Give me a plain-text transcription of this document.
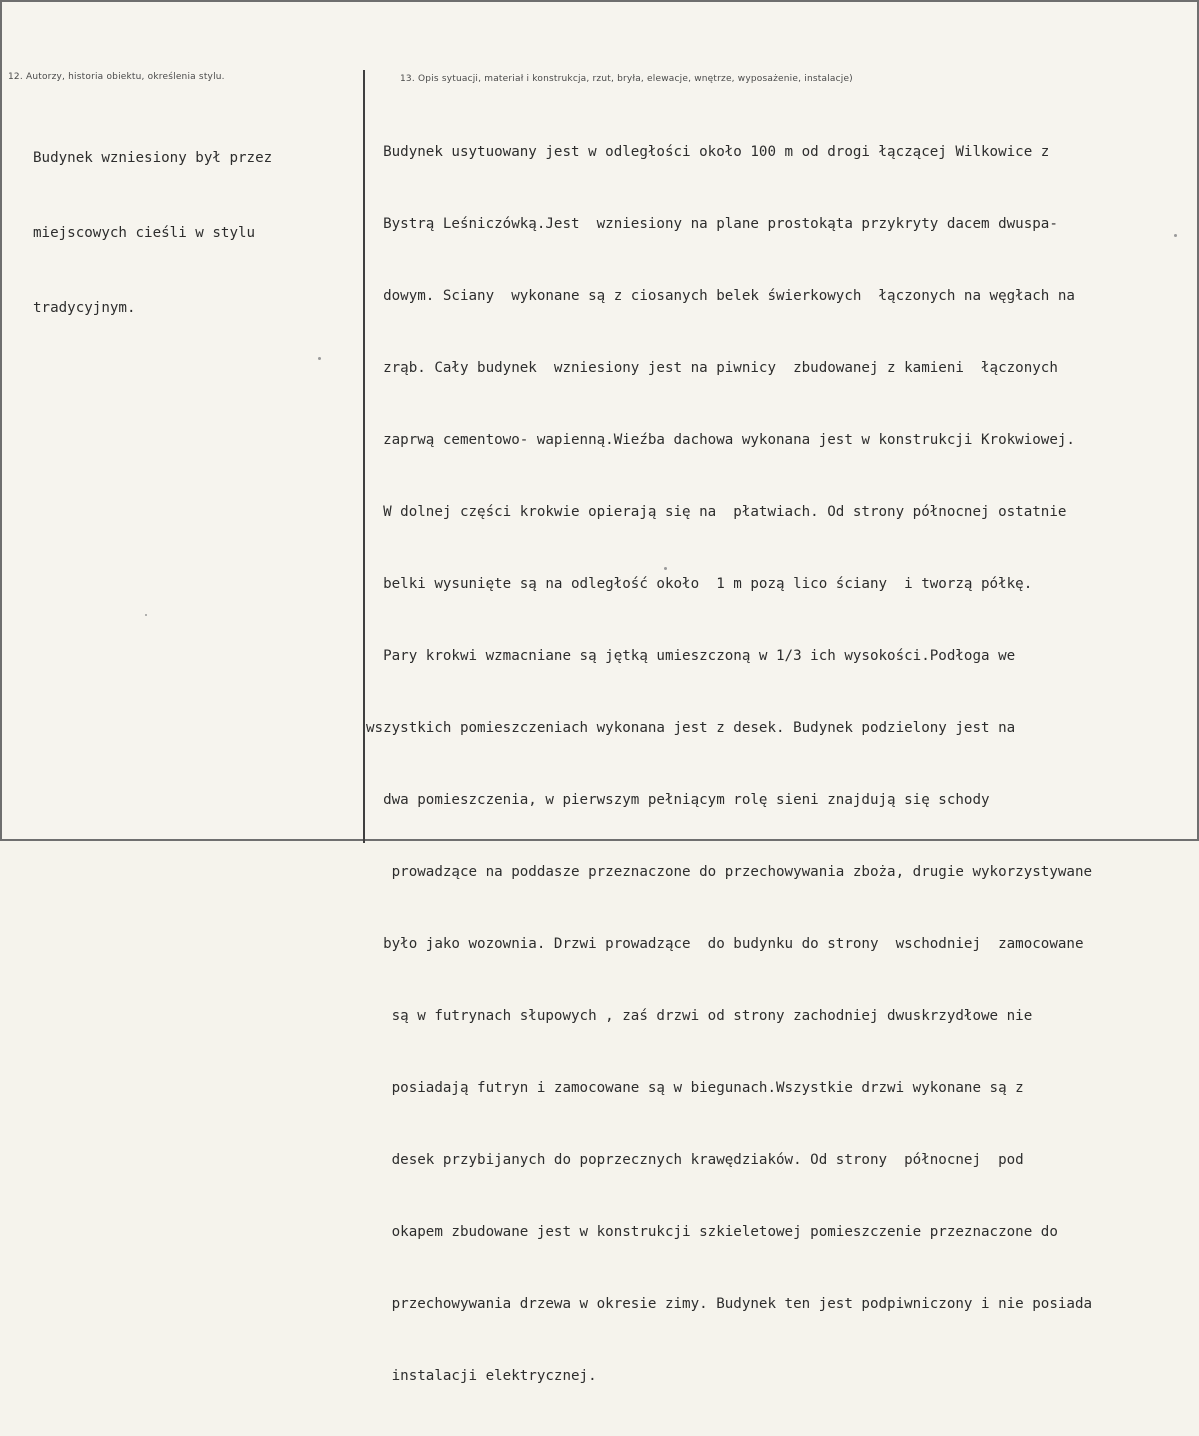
12. Autorzy, historia obiektu, określenia stylu.	13. Opis sytuacji, materiał i konstrukcja, rzut, bryła, elewacje, wnętrze, wyposażenie, instalacje)

Budynek wzniesiony był przez

miejscowych cieśli w stylu

tradycyjnym.

Budynek usytuowany jest w odległości około 100 m od drogi łączącej Wilkowice z

Bystrą Leśniczówką.Jest  wzniesiony na plane prostokąta przykryty dacem dwuspa-

dowym. Sciany  wykonane są z ciosanych belek świerkowych  łączonych na węgłach na

zrąb. Cały budynek  wzniesiony jest na piwnicy  zbudowanej z kamieni  łączonych

zaprwą cementowo- wapienną.Wieźba dachowa wykonana jest w konstrukcji Krokwiowej.

W dolnej części krokwie opierają się na  płatwiach. Od strony północnej ostatnie

belki wysunięte są na odległość około  1 m pozą lico ściany  i tworzą półkę.

Pary krokwi wzmacniane są jętką umieszczoną w 1/3 ich wysokości.Podłoga we

wszystkich pomieszczeniach wykonana jest z desek. Budynek podzielony jest na

dwa pomieszczenia, w pierwszym pełniącym rolę sieni znajdują się schody

prowadzące na poddasze przeznaczone do przechowywania zboża, drugie wykorzystywane

było jako wozownia. Drzwi prowadzące  do budynku do strony  wschodniej  zamocowane

są w futrynach słupowych , zaś drzwi od strony zachodniej dwuskrzydłowe nie

posiadają futryn i zamocowane są w biegunach.Wszystkie drzwi wykonane są z

desek przybijanych do poprzecznych krawędziaków. Od strony  północnej  pod

okapem zbudowane jest w konstrukcji szkieletowej pomieszczenie przeznaczone do

przechowywania drzewa w okresie zimy. Budynek ten jest podpiwniczony i nie posiada

instalacji elektrycznej.
